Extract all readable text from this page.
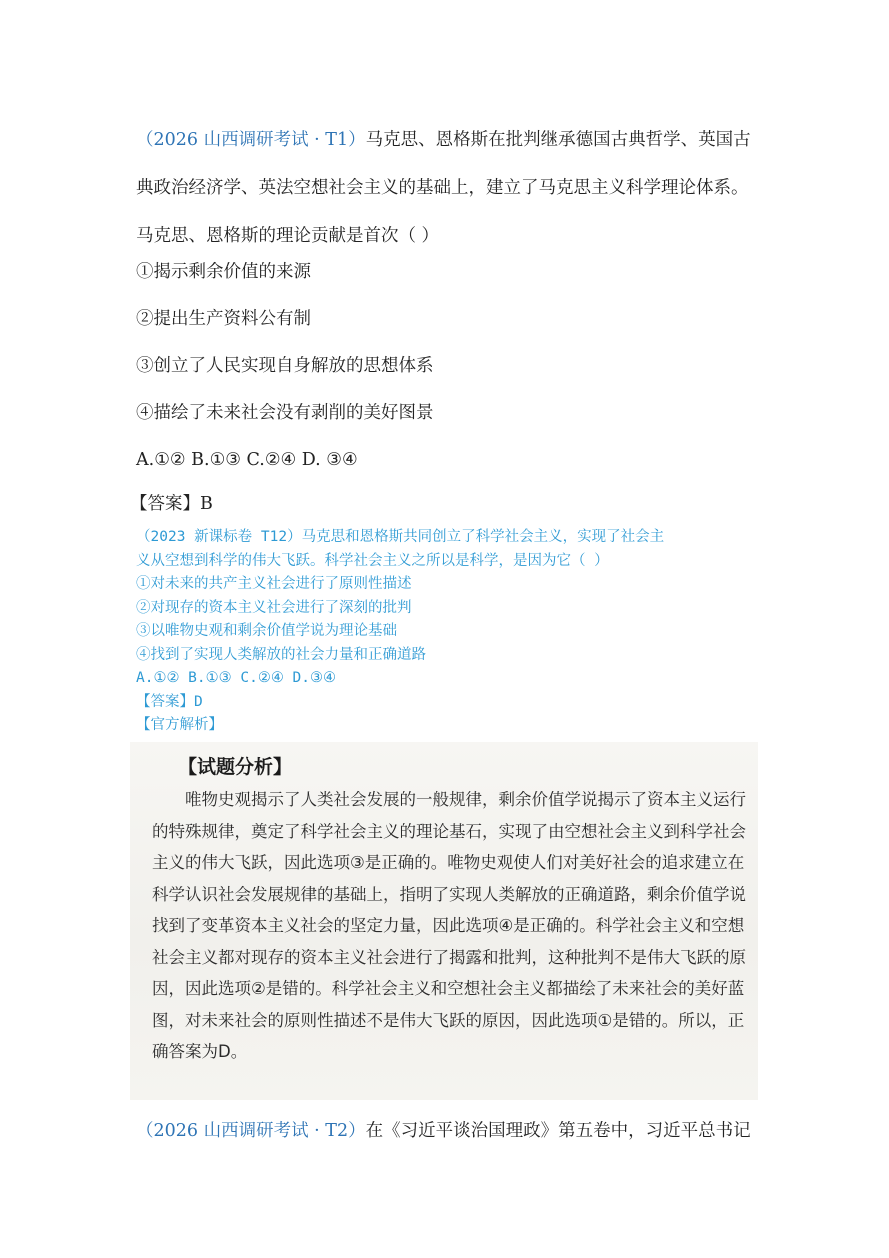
（2026 山西调研考试 · T1）马克思、恩格斯在批判继承德国古典哲学、英国古

典政治经济学、英法空想社会主义的基础上，建立了马克思主义科学理论体系。

马克思、恩格斯的理论贡献是首次（ ）

①揭示剩余价值的来源
②提出生产资料公有制
③创立了人民实现自身解放的思想体系
④描绘了未来社会没有剥削的美好图景
A.①② B.①③ C.②④ D. ③④
【答案】B

（2023 新课标卷 T12）马克思和恩格斯共同创立了科学社会主义，实现了社会主

义从空想到科学的伟大飞跃。科学社会主义之所以是科学，是因为它（ ）

①对未来的共产主义社会进行了原则性描述

②对现存的资本主义社会进行了深刻的批判

③以唯物史观和剩余价值学说为理论基础

④找到了实现人类解放的社会力量和正确道路

A.①② B.①③ C.②④ D.③④

【答案】D

【官方解析】

【试题分析】
唯物史观揭示了人类社会发展的一般规律，剩余价值学说揭示了资本主义运行的特殊规律，奠定了科学社会主义的理论基石，实现了由空想社会主义到科学社会主义的伟大飞跃，因此选项③是正确的。唯物史观使人们对美好社会的追求建立在科学认识社会发展规律的基础上，指明了实现人类解放的正确道路，剩余价值学说找到了变革资本主义社会的坚定力量，因此选项④是正确的。科学社会主义和空想社会主义都对现存的资本主义社会进行了揭露和批判，这种批判不是伟大飞跃的原因，因此选项②是错的。科学社会主义和空想社会主义都描绘了未来社会的美好蓝图，对未来社会的原则性描述不是伟大飞跃的原因，因此选项①是错的。所以，正确答案为D。
（2026 山西调研考试 · T2）在《习近平谈治国理政》第五卷中，习近平总书记
